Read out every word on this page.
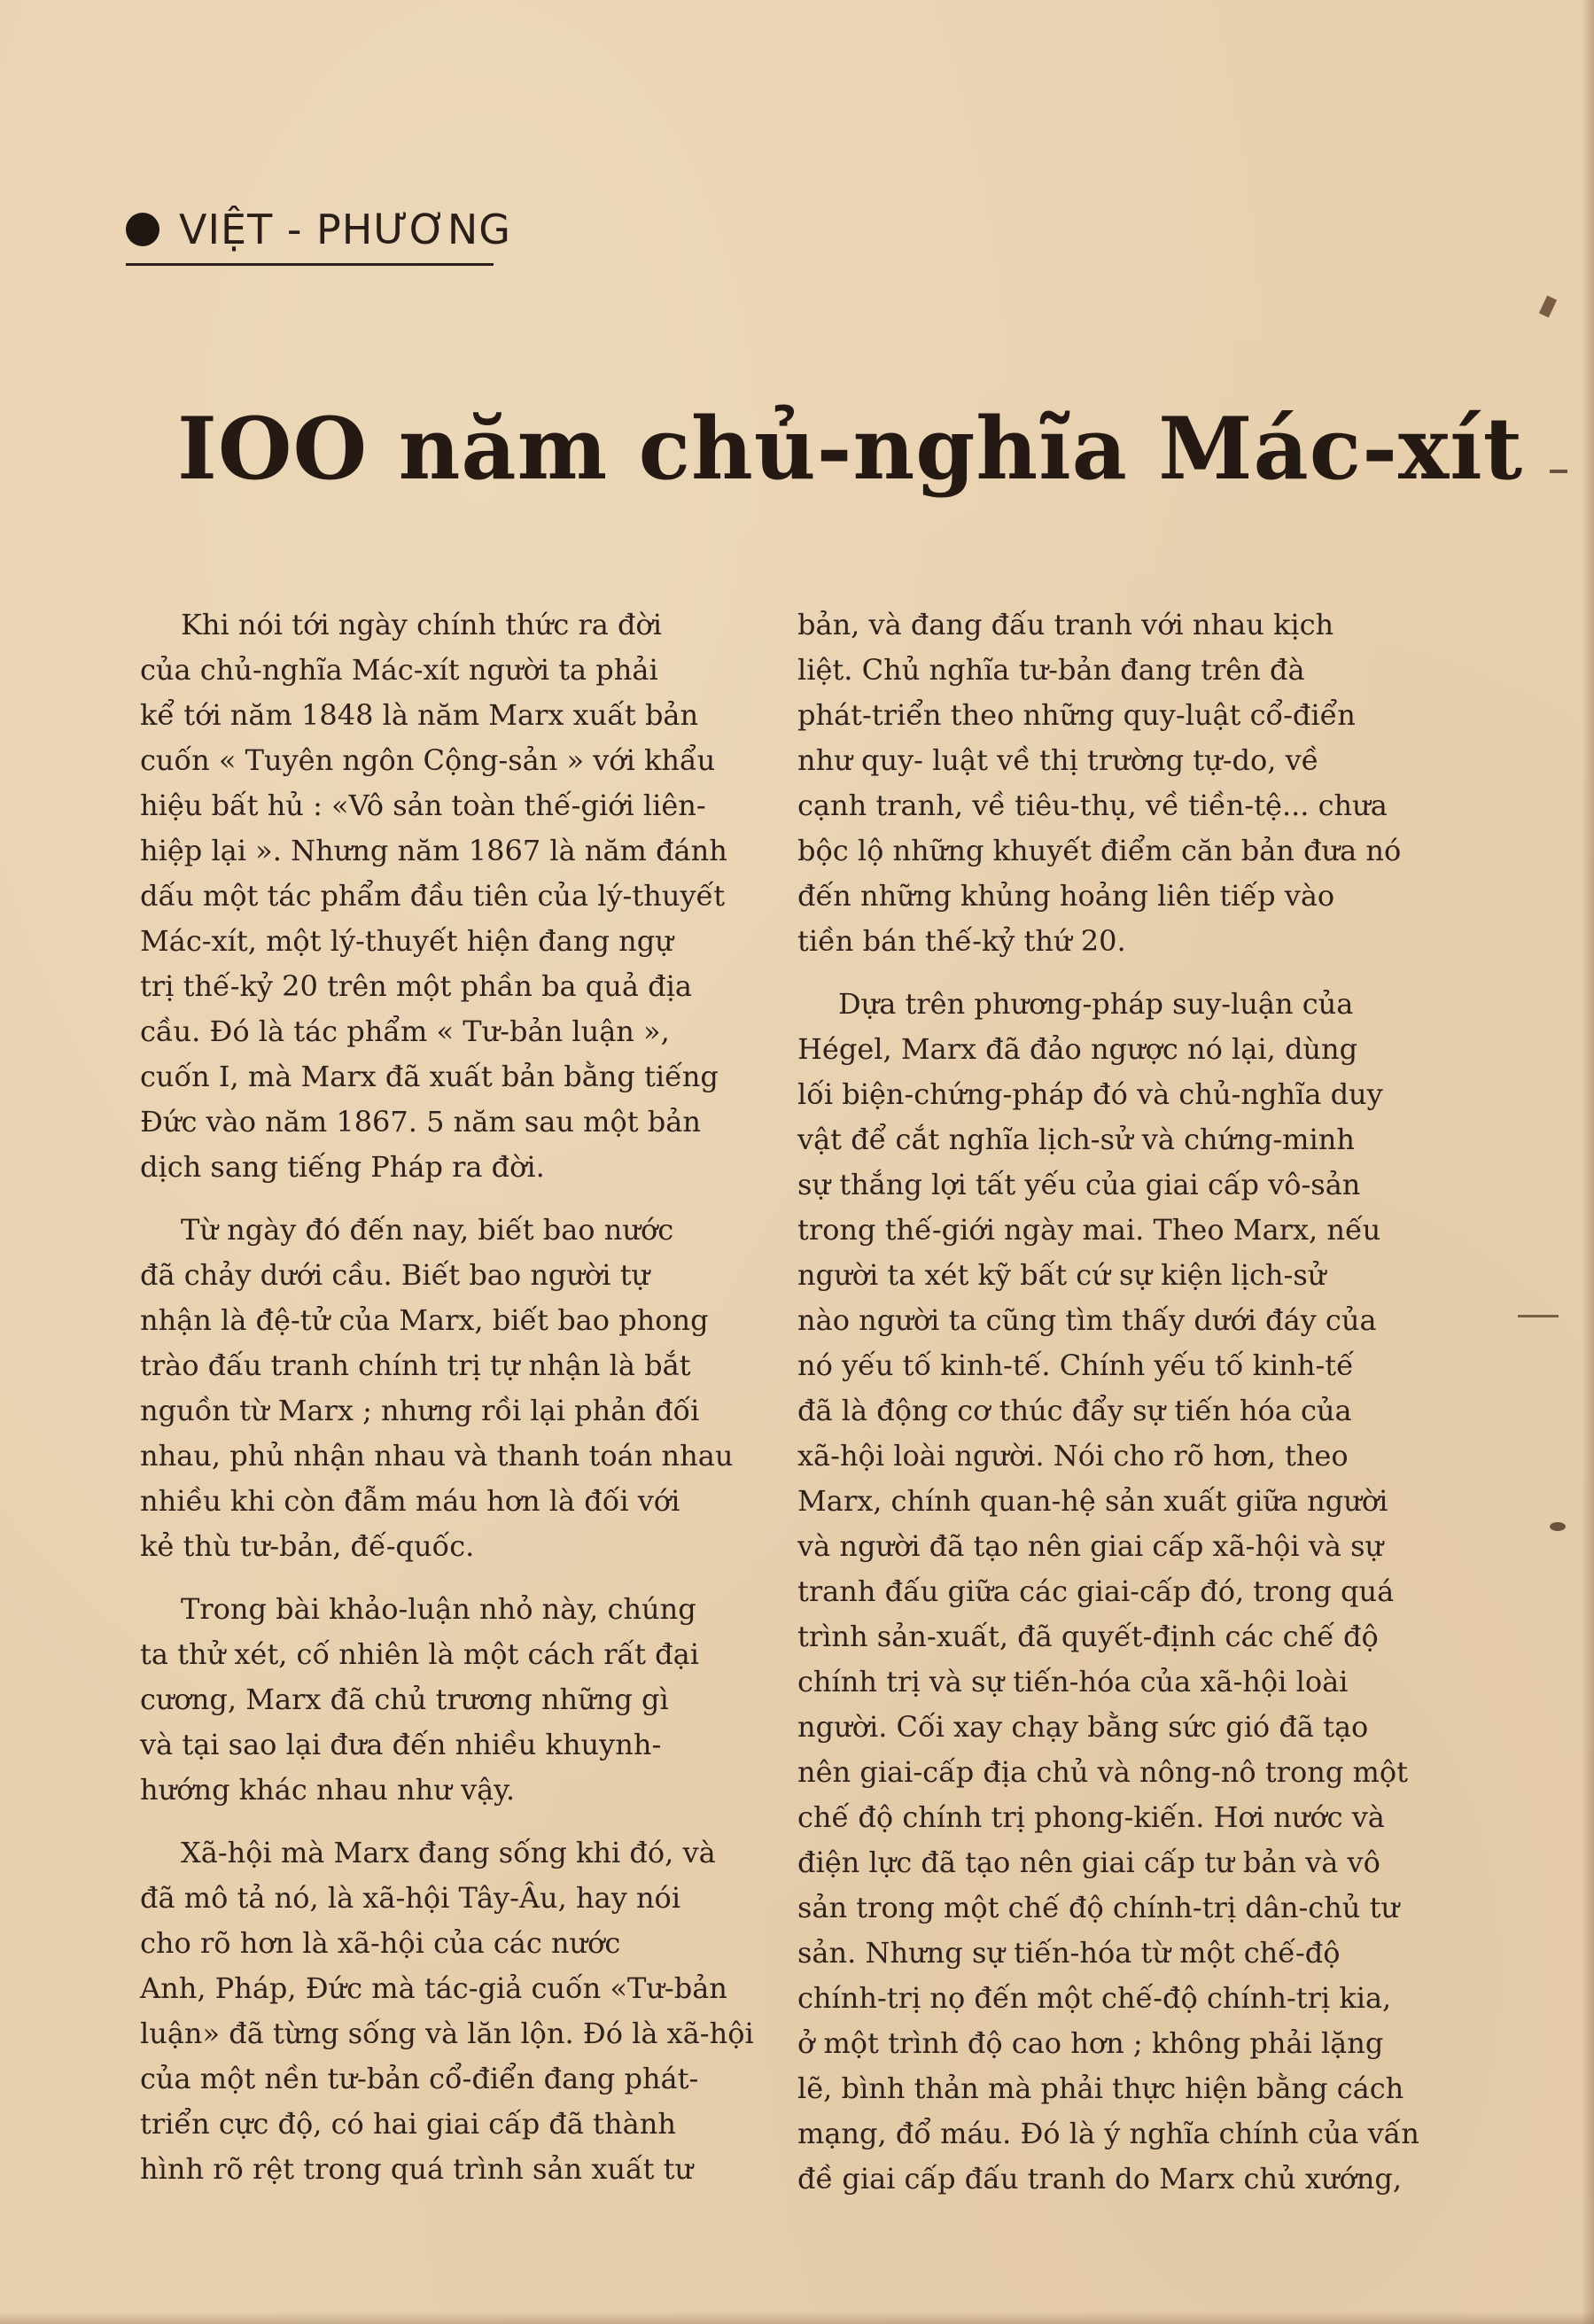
VIỆT - PHƯƠNG
IOO năm chủ-nghĩa Mác-xít

Khi nói tới ngày chính thức ra đời
của chủ-nghĩa Mác-xít người ta phải
kể tới năm 1848 là năm Marx xuất bản
cuốn « Tuyên ngôn Cộng-sản » với khẩu
hiệu bất hủ : «Vô sản toàn thế-giới liên-
hiệp lại ». Nhưng năm 1867 là năm đánh
dấu một tác phẩm đầu tiên của lý-thuyết
Mác-xít, một lý-thuyết hiện đang ngự
trị thế-kỷ 20 trên một phần ba quả địa
cầu. Đó là tác phẩm « Tư-bản luận »,
cuốn I, mà Marx đã xuất bản bằng tiếng
Đức vào năm 1867. 5 năm sau một bản
dịch sang tiếng Pháp ra đời.

Từ ngày đó đến nay, biết bao nước
đã chảy dưới cầu. Biết bao người tự
nhận là đệ-tử của Marx, biết bao phong
trào đấu tranh chính trị tự nhận là bắt
nguồn từ Marx ; nhưng rồi lại phản đối
nhau, phủ nhận nhau và thanh toán nhau
nhiều khi còn đẫm máu hơn là đối với
kẻ thù tư-bản, đế-quốc.

Trong bài khảo-luận nhỏ này, chúng
ta thử xét, cố nhiên là một cách rất đại
cương, Marx đã chủ trương những gì
và tại sao lại đưa đến nhiều khuynh-
hướng khác nhau như vậy.

Xã-hội mà Marx đang sống khi đó, và
đã mô tả nó, là xã-hội Tây-Âu, hay nói
cho rõ hơn là xã-hội của các nước
Anh, Pháp, Đức mà tác-giả cuốn «Tư-bản
luận» đã từng sống và lăn lộn. Đó là xã-hội
của một nền tư-bản cổ-điển đang phát-
triển cực độ, có hai giai cấp đã thành
hình rõ rệt trong quá trình sản xuất tư

bản, và đang đấu tranh với nhau kịch
liệt. Chủ nghĩa tư-bản đang trên đà
phát-triển theo những quy-luật cổ-điển
như quy- luật về thị trường tự-do, về
cạnh tranh, về tiêu-thụ, về tiền-tệ... chưa
bộc lộ những khuyết điểm căn bản đưa nó
đến những khủng hoảng liên tiếp vào
tiền bán thế-kỷ thứ 20.

Dựa trên phương-pháp suy-luận của
Hégel, Marx đã đảo ngược nó lại, dùng
lối biện-chứng-pháp đó và chủ-nghĩa duy
vật để cắt nghĩa lịch-sử và chứng-minh
sự thắng lợi tất yếu của giai cấp vô-sản
trong thế-giới ngày mai. Theo Marx, nếu
người ta xét kỹ bất cứ sự kiện lịch-sử
nào người ta cũng tìm thấy dưới đáy của
nó yếu tố kinh-tế. Chính yếu tố kinh-tế
đã là động cơ thúc đẩy sự tiến hóa của
xã-hội loài người. Nói cho rõ hơn, theo
Marx, chính quan-hệ sản xuất giữa người
và người đã tạo nên giai cấp xã-hội và sự
tranh đấu giữa các giai-cấp đó, trong quá
trình sản-xuất, đã quyết-định các chế độ
chính trị và sự tiến-hóa của xã-hội loài
người. Cối xay chạy bằng sức gió đã tạo
nên giai-cấp địa chủ và nông-nô trong một
chế độ chính trị phong-kiến. Hơi nước và
điện lực đã tạo nên giai cấp tư bản và vô
sản trong một chế độ chính-trị dân-chủ tư
sản. Nhưng sự tiến-hóa từ một chế-độ
chính-trị nọ đến một chế-độ chính-trị kia,
ở một trình độ cao hơn ; không phải lặng
lẽ, bình thản mà phải thực hiện bằng cách
mạng, đổ máu. Đó là ý nghĩa chính của vấn
đề giai cấp đấu tranh do Marx chủ xướng,
